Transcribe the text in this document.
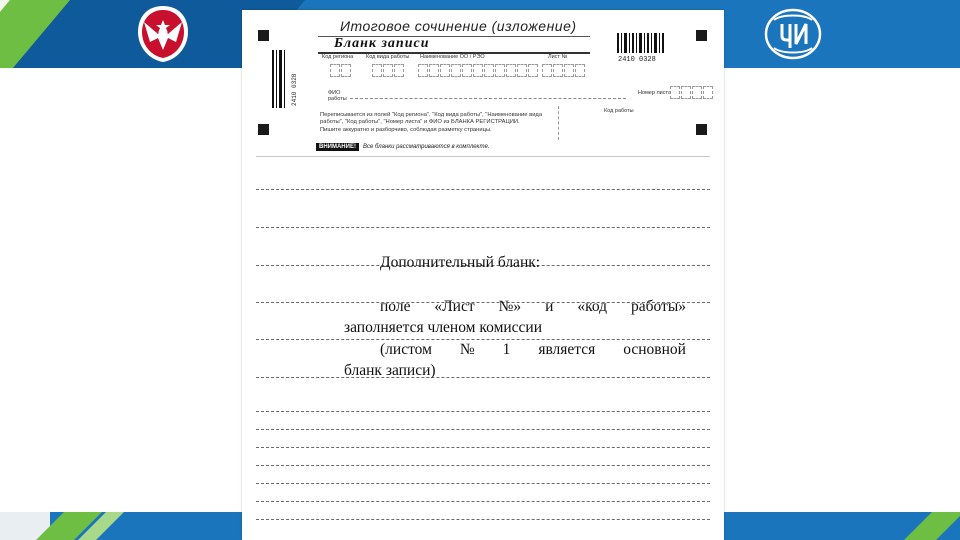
2410 0328
2410 0328
Итоговое сочинение (изложение)
Бланк записи
Код региона Код вида работы Наименование ОО / РЭО	Лист №
ФИО
работы
Номер листа
Код работы
Переписывается из полей "Код региона", "Код вида работы", "Наименование вида
работы", "Код работы", "Номер листа" и ФИО из БЛАНКА РЕГИСТРАЦИИ.
Пишите аккуратно и разборчиво, соблюдая разметку страницы.
ВНИМАНИЕ!	Все бланки рассматриваются в комплекте.
Дополнительный бланк:
поле «Лист №» и «код работы»
заполняется членом комиссии
(листом № 1 является основной
бланк записи)
